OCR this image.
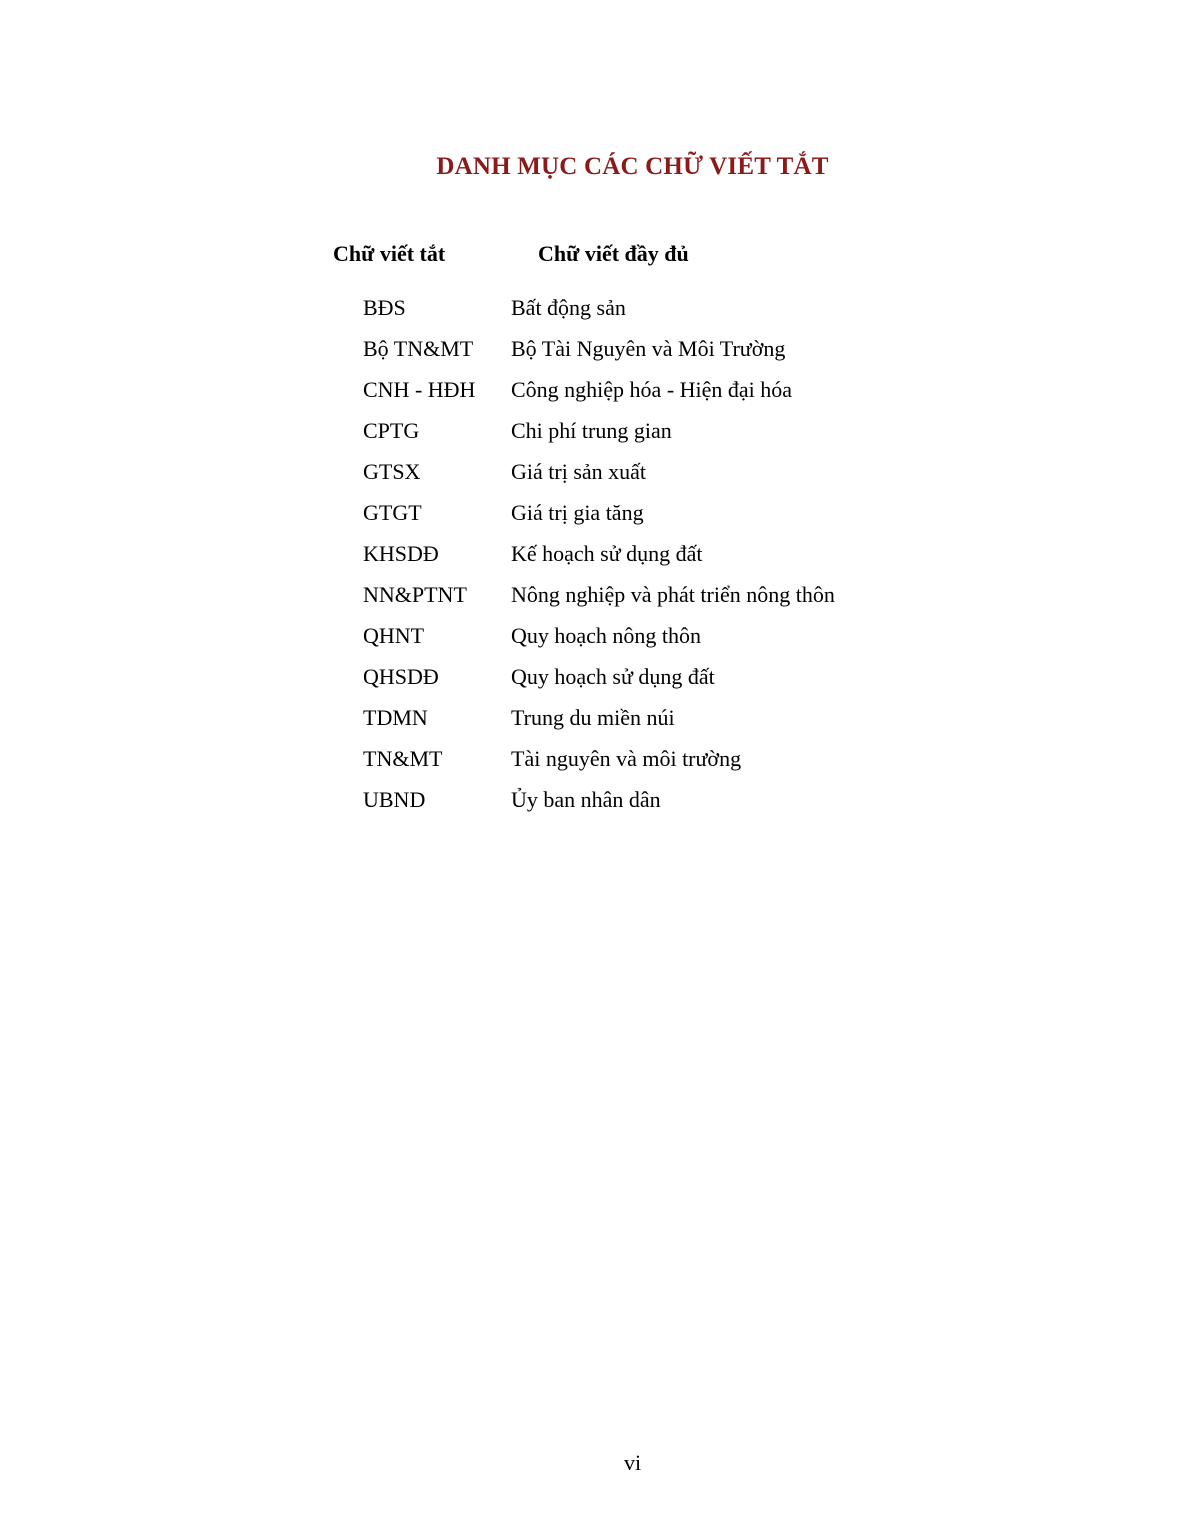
DANH MỤC CÁC CHỮ VIẾT TẮT
Chữ viết tắt	Chữ viết đầy đủ
BĐS	Bất động sản
Bộ TN&MT	Bộ Tài Nguyên và Môi Trường
CNH - HĐH	Công nghiệp hóa - Hiện đại hóa
CPTG	Chi phí trung gian
GTSX	Giá trị sản xuất
GTGT	Giá trị gia tăng
KHSDĐ	Kế hoạch sử dụng đất
NN&PTNT	Nông nghiệp và phát triển nông thôn
QHNT	Quy hoạch nông thôn
QHSDĐ	Quy hoạch sử dụng đất
TDMN	Trung du miền núi
TN&MT	Tài nguyên và môi trường
UBND	Ủy ban nhân dân
vi
